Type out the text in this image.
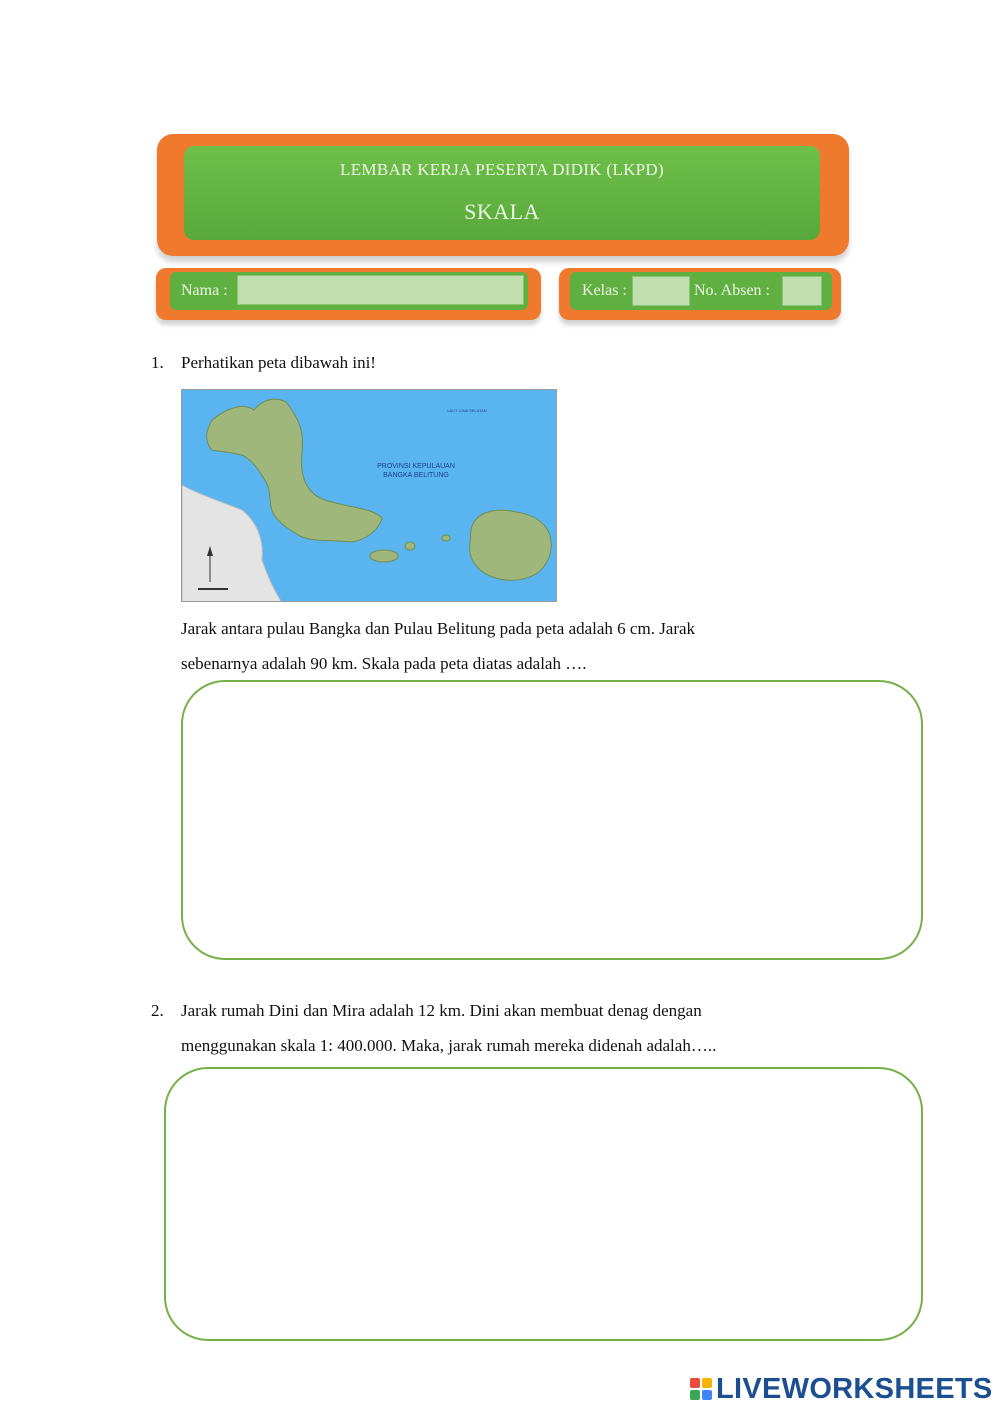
LEMBAR KERJA PESERTA DIDIK (LKPD)
SKALA
Nama :	Kelas :	No. Absen :
1. Perhatikan peta dibawah ini!
PROVINSI KEPULAUAN
BANGKA BELITUNG
LAUT CINA SELATAN
Jarak antara pulau Bangka dan Pulau Belitung pada peta adalah 6 cm. Jarak
sebenarnya adalah 90 km. Skala pada peta diatas adalah ….
2. Jarak rumah Dini dan Mira adalah 12 km. Dini akan membuat denag dengan
menggunakan skala 1: 400.000. Maka, jarak rumah mereka didenah adalah…..
LIVEWORKSHEETS
